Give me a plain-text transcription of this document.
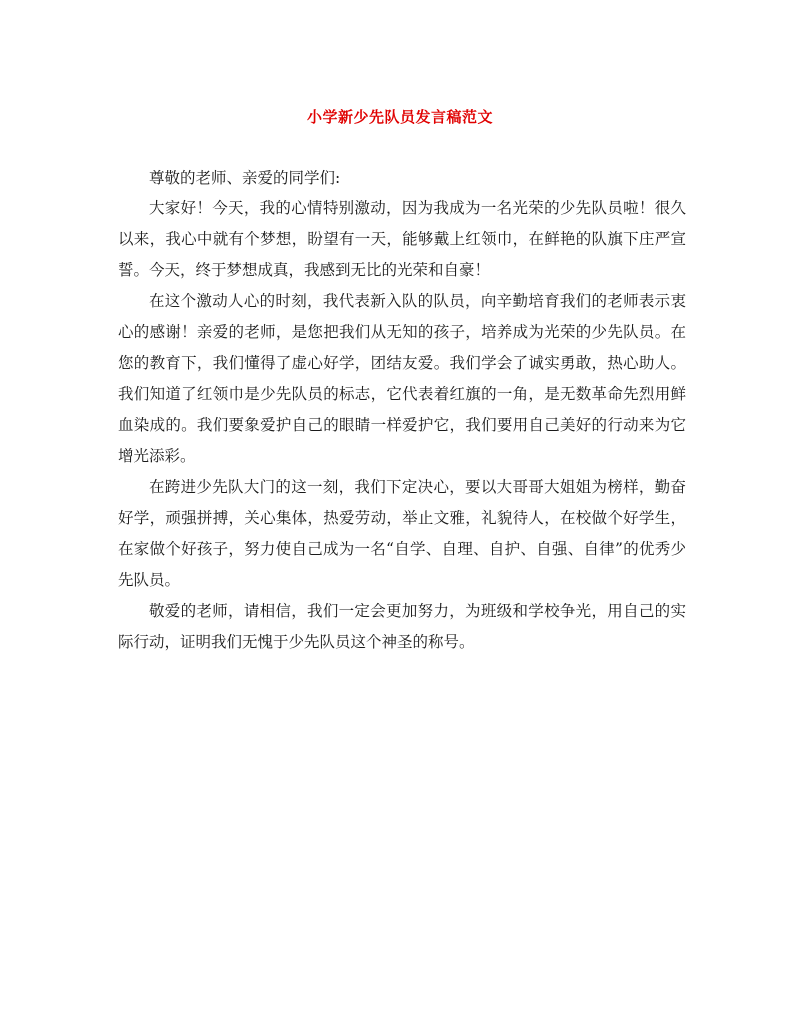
小学新少先队员发言稿范文

尊敬的老师、亲爱的同学们:

大家好！今天，我的心情特别激动，因为我成为一名光荣的少先队员啦！很久以来，我心中就有个梦想，盼望有一天，能够戴上红领巾，在鲜艳的队旗下庄严宣誓。今天，终于梦想成真，我感到无比的光荣和自豪！

在这个激动人心的时刻，我代表新入队的队员，向辛勤培育我们的老师表示衷心的感谢！亲爱的老师，是您把我们从无知的孩子，培养成为光荣的少先队员。在您的教育下，我们懂得了虚心好学，团结友爱。我们学会了诚实勇敢，热心助人。我们知道了红领巾是少先队员的标志，它代表着红旗的一角，是无数革命先烈用鲜血染成的。我们要象爱护自己的眼睛一样爱护它，我们要用自己美好的行动来为它增光添彩。

在跨进少先队大门的这一刻，我们下定决心，要以大哥哥大姐姐为榜样，勤奋好学，顽强拼搏，关心集体，热爱劳动，举止文雅，礼貌待人，在校做个好学生，在家做个好孩子，努力使自己成为一名“自学、自理、自护、自强、自律”的优秀少先队员。

敬爱的老师，请相信，我们一定会更加努力，为班级和学校争光，用自己的实际行动，证明我们无愧于少先队员这个神圣的称号。
